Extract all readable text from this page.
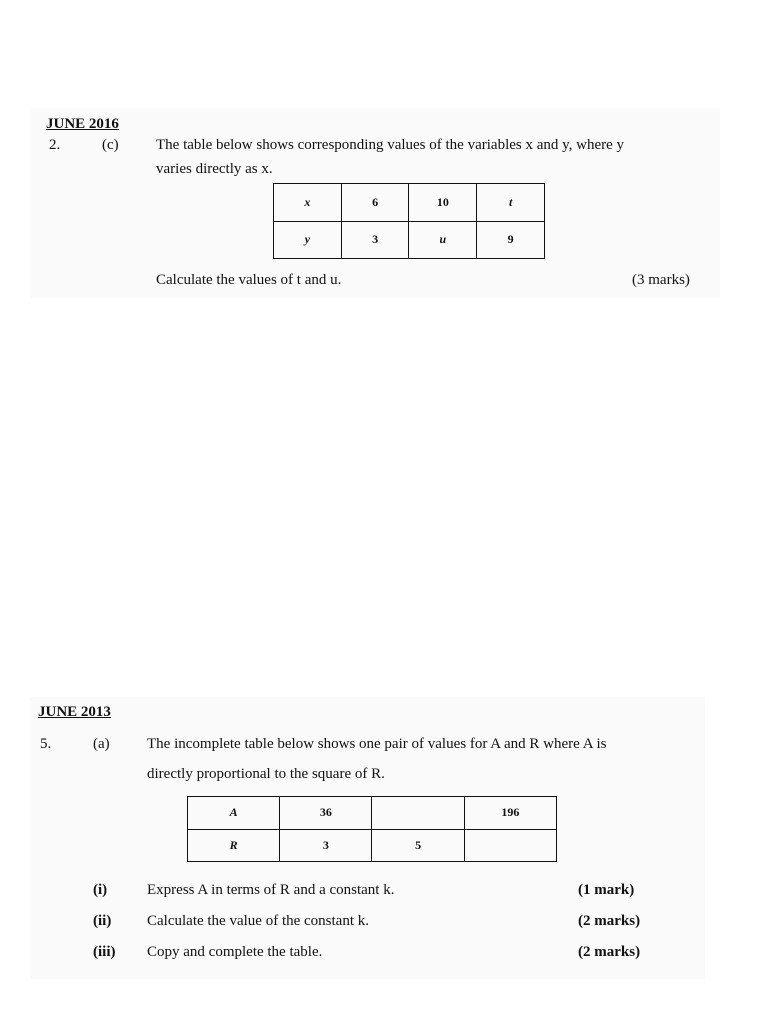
JUNE 2016
2.	(c) The table below shows corresponding values of the variables x and y, where y
varies directly as x.
x	6	10	t
y	3	u	9
Calculate the values of t and u.	(3 marks)
JUNE 2013
5.	(a) The incomplete table below shows one pair of values for A and R where A is
directly proportional to the square of R.
A	36		196
R	3	5	
(i)	Express A in terms of R and a constant k.	(1 mark)
(ii) Calculate the value of the constant k.	(2 marks)
(iii) Copy and complete the table.	(2 marks)
